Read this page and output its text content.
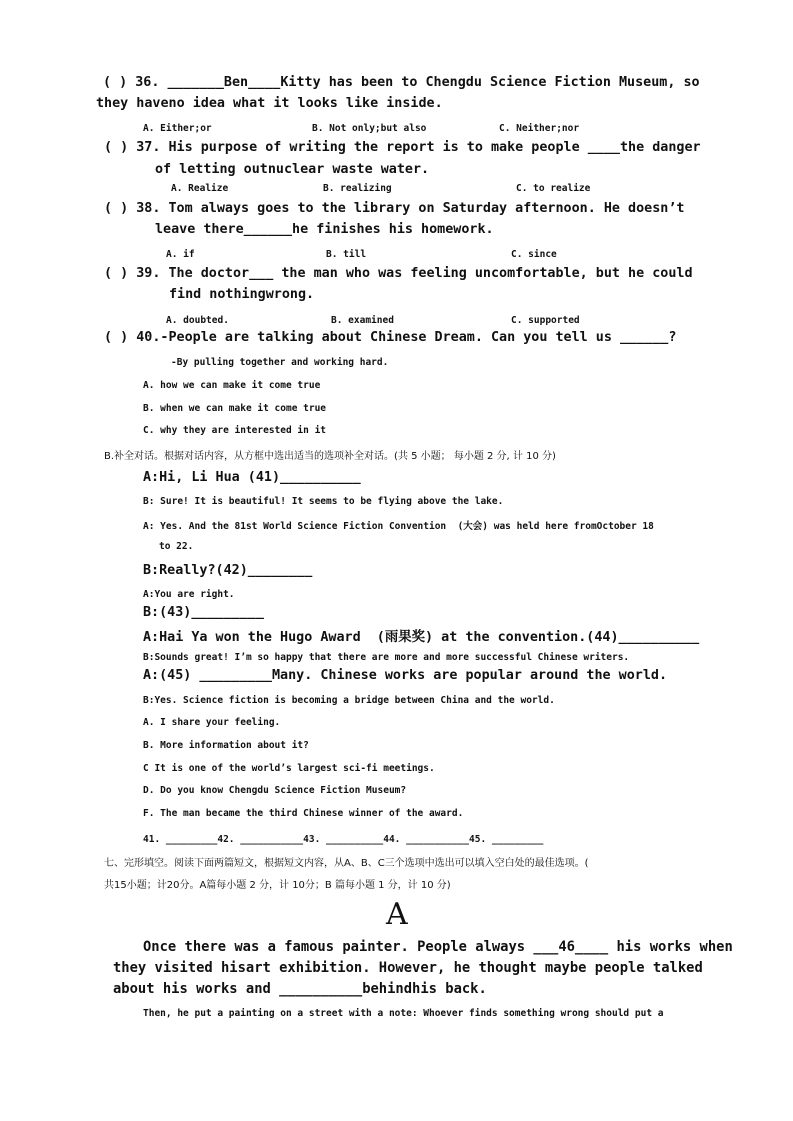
( ) 36. _______Ben____Kitty has been to Chengdu Science Fiction Museum, so
they haveno idea what it looks like inside.
A. Either;or	B. Not only;but also	C. Neither;nor
( ) 37. His purpose of writing the report is to make people ____the danger
of letting outnuclear waste water.
A. Realize	B. realizing	C. to realize
( ) 38. Tom always goes to the library on Saturday afternoon. He doesn’t
leave there______he finishes his homework.
A. if	B. till	C. since
( ) 39. The doctor___ the man who was feeling uncomfortable, but he could
find nothingwrong.
A. doubted.	B. examined	C. supported
( ) 40.-People are talking about Chinese Dream. Can you tell us ______?
-By pulling together and working hard.
A. how we can make it come true
B. when we can make it come true
C. why they are interested in it
B.补全对话。根据对话内容，从方框中选出适当的选项补全对话。(共 5 小题； 每小题 2 分, 计 10 分)
A:Hi, Li Hua (41)__________
B: Sure! It is beautiful! It seems to be flying above the lake.
A: Yes. And the 81st World Science Fiction Convention  (大会) was held here fromOctober 18
to 22.
B:Really?(42)________
A:You are right.
B:(43)_________
A:Hai Ya won the Hugo Award  (雨果奖) at the convention.(44)__________
B:Sounds great! I’m so happy that there are more and more successful Chinese writers.
A:(45) _________Many. Chinese works are popular around the world.
B:Yes. Science fiction is becoming a bridge between China and the world.
A. I share your feeling.
B. More information about it?
C It is one of the world’s largest sci-fi meetings.
D. Do you know Chengdu Science Fiction Museum?
F. The man became the third Chinese winner of the award.
41. _________42. ___________43. __________44. ___________45. _________
七、完形填空。阅读下面两篇短文，根据短文内容，从A、B、C三个选项中选出可以填入空白处的最佳选项。(
共15小题；计20分。A篇每小题 2 分，计 10分；B 篇每小题 1 分，计 10 分)
A
Once there was a famous painter. People always ___46____ his works when
they visited hisart exhibition. However, he thought maybe people talked
about his works and __________behindhis back.
Then, he put a painting on a street with a note: Whoever finds something wrong should put a
